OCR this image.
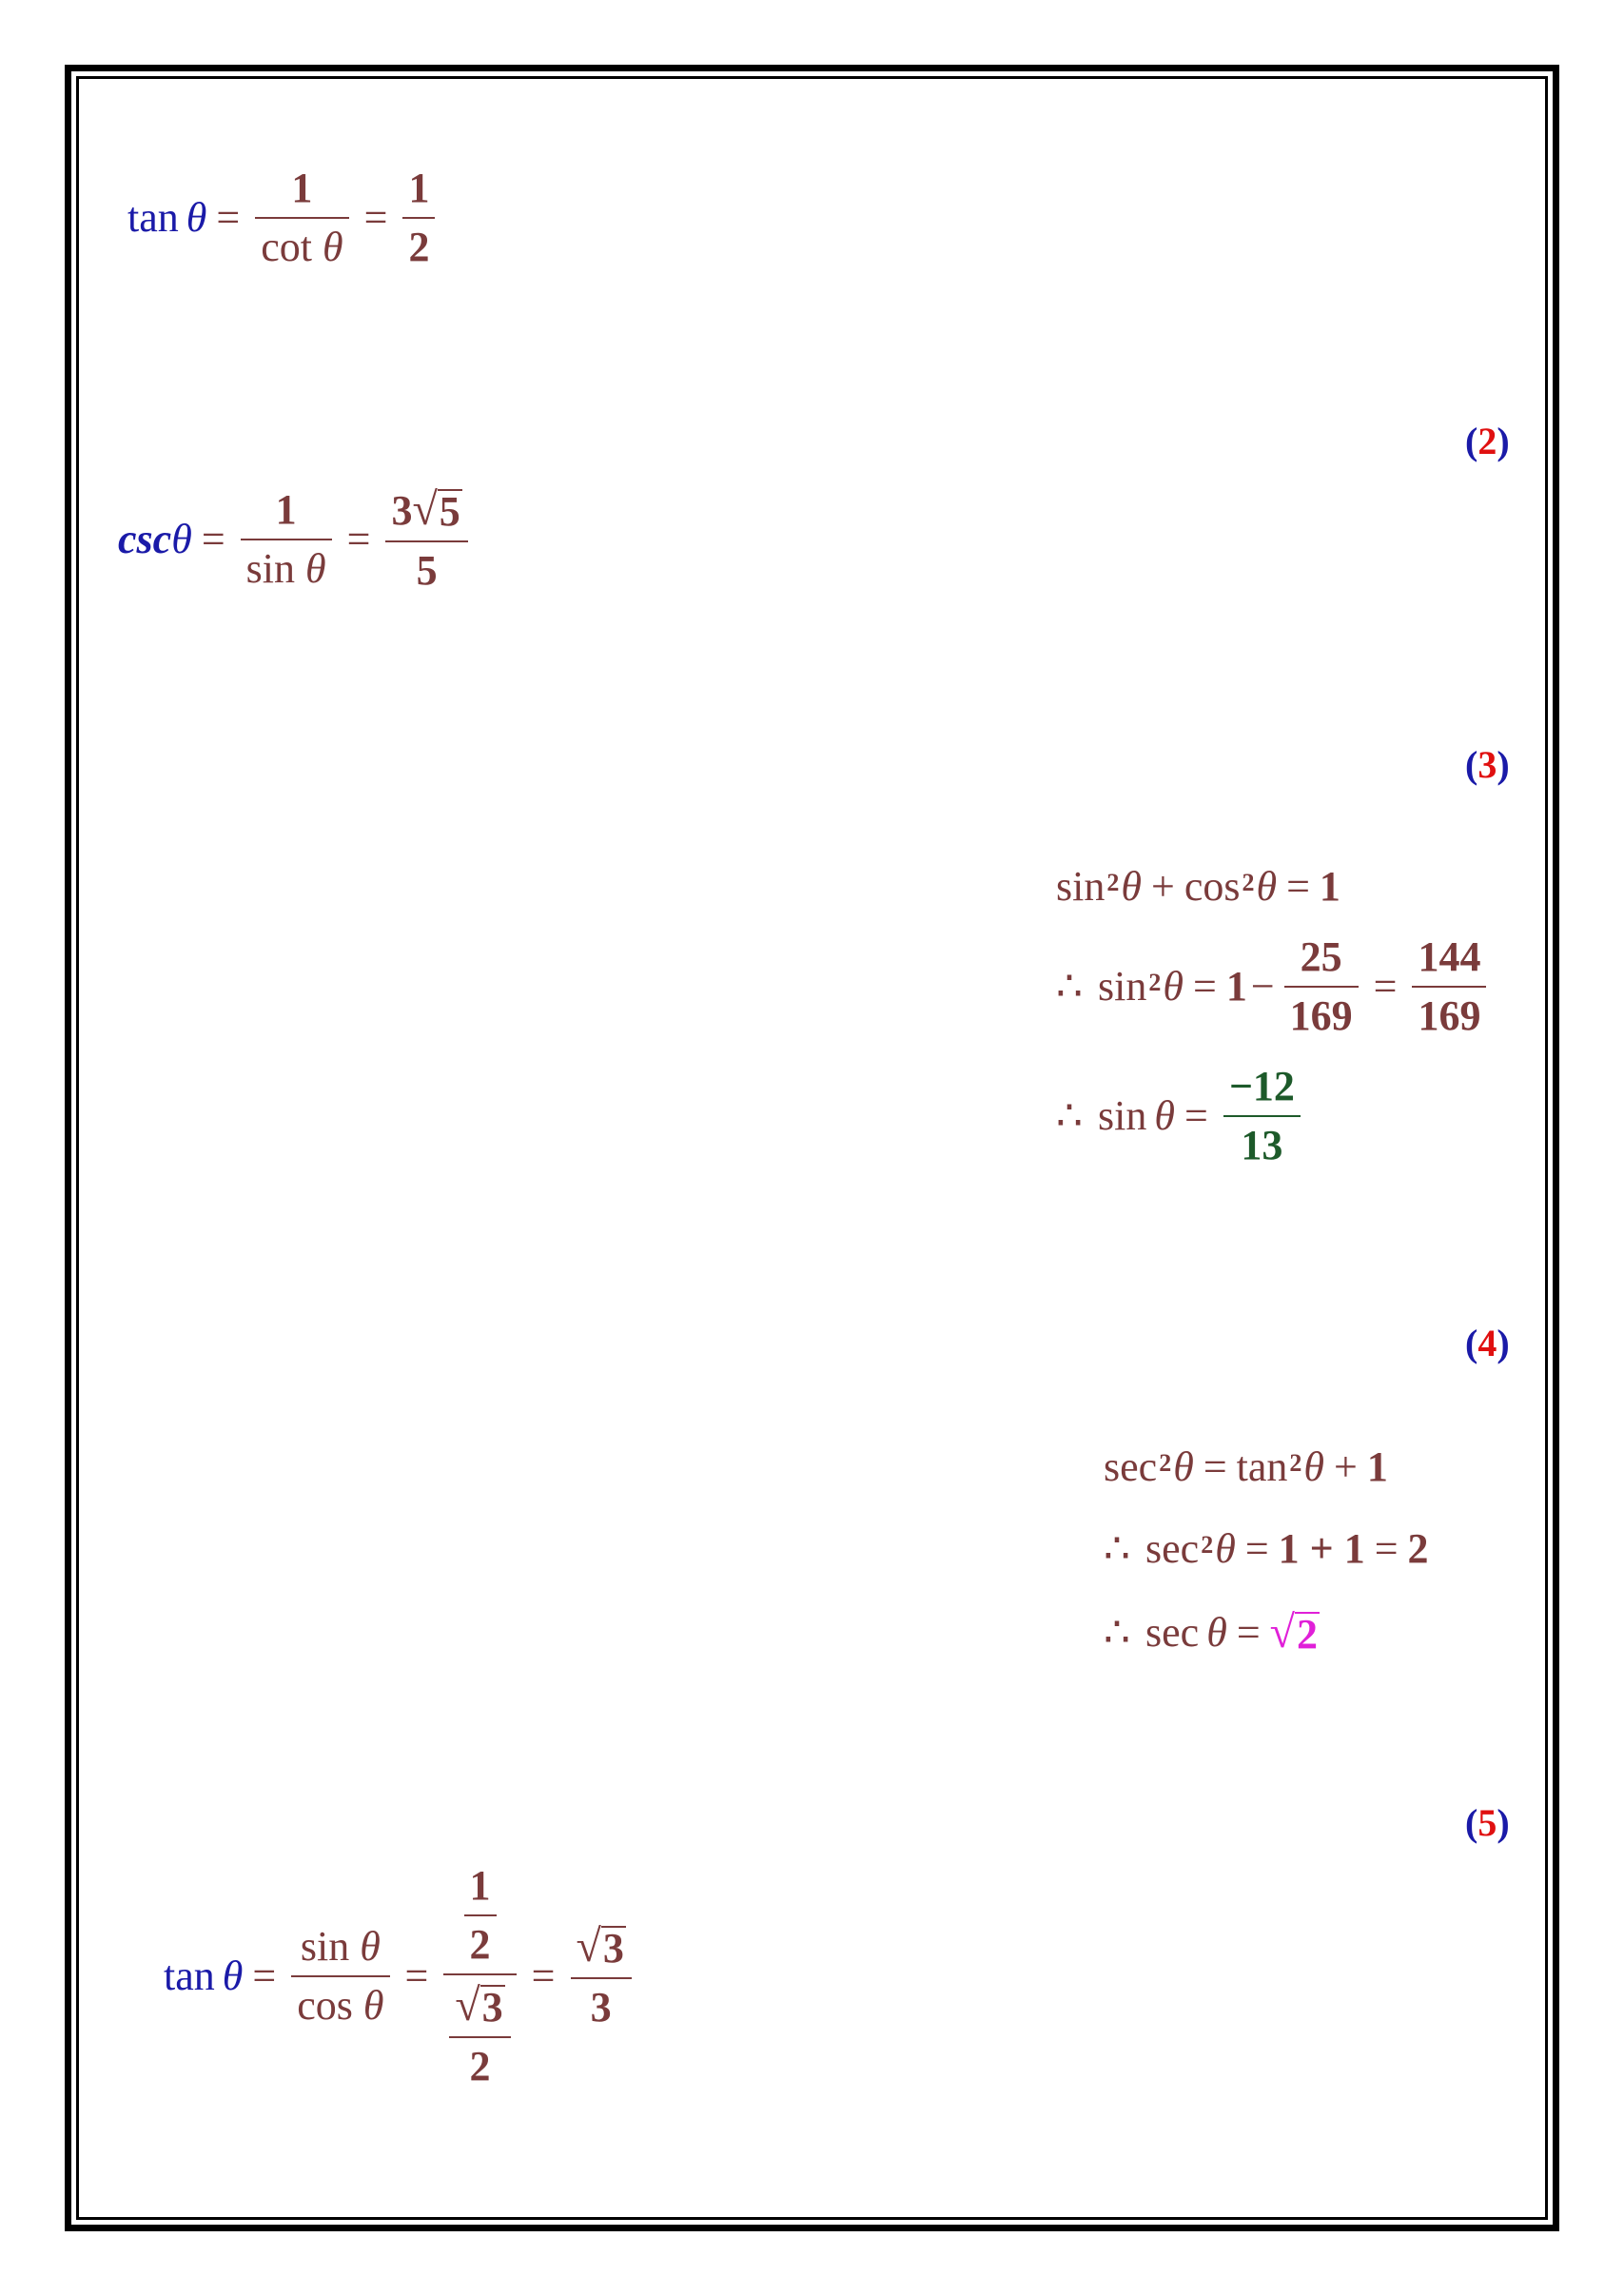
$\tan \theta = \frac{1}{\text{cot θ}} = \frac{1}{2}$
(2)
$\csc \theta = \frac{1}{\text{sin θ}} = \frac{3 √ 5}{5}$
(3)
sin 2 θ + cos 2 θ = 1
∴ sin 2 $\theta = 1 - \frac{25}{169} = \frac{144}{169}$
∴ $\sin \theta = \frac{-12}{13}$
(4)
sec 2 θ = tan 2 θ + 1
∴ sec 2 θ = 1 + 1 = 2
∴ sec θ = √ 2
(5)
$\tan \theta = \frac{\text{sin θ}}{\text{cos θ}} = \frac{\frac{1}{2}}{\frac{√ 3}{2}} = \frac{√ 3}{3}$
